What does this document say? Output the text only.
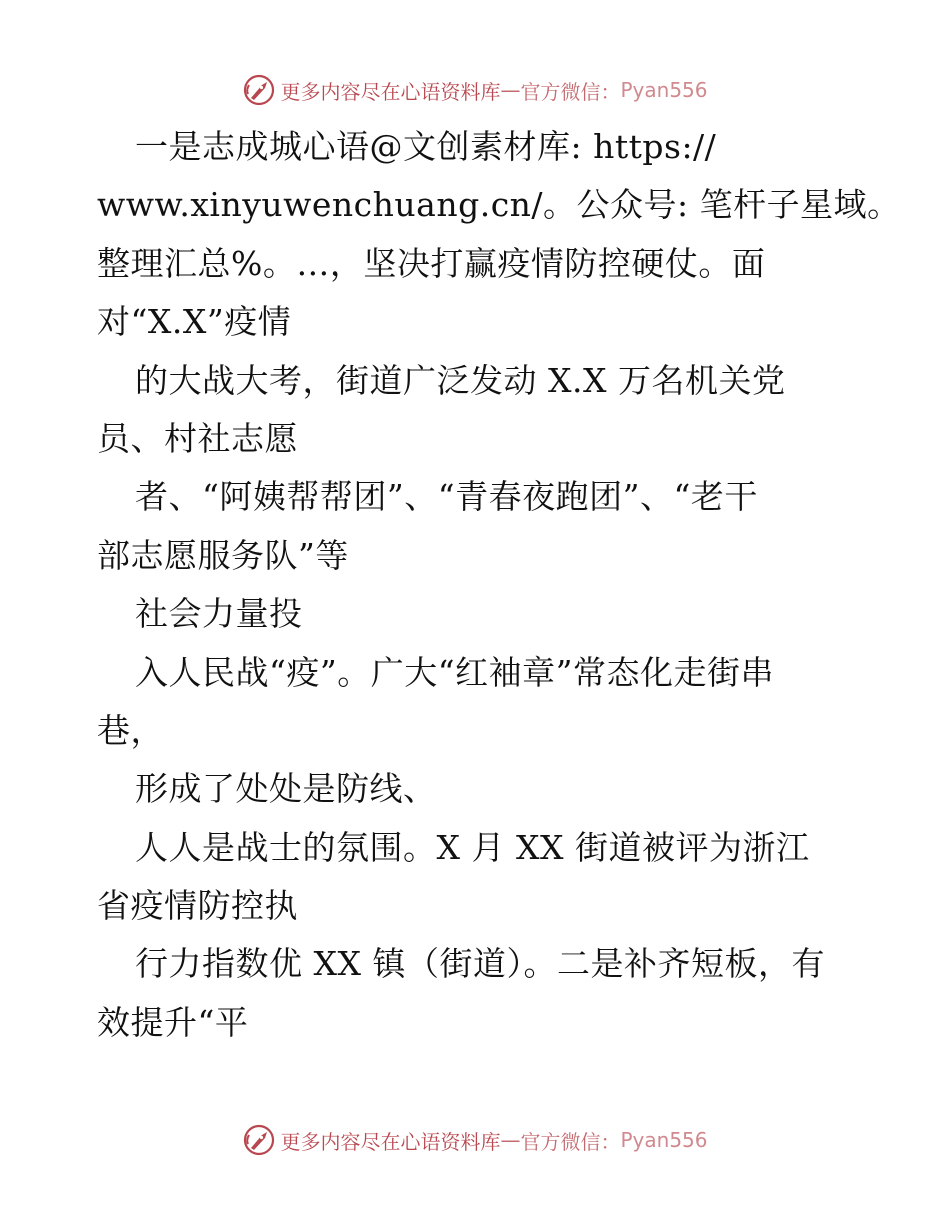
更多内容尽在心语资料库 — 官方微信： Pyan556
一是志成城心语@文创素材库: https://
www.xinyuwenchuang.cn/。公众号: 笔杆子星域。
整理汇总%。…，坚决打赢疫情防控硬仗。面
对“X.X”疫情
的大战大考，街道广泛发动 X.X 万名机关党
员、村社志愿
者、“阿姨帮帮团”、“青春夜跑团”、“老干
部志愿服务队”等
社会力量投
入人民战“疫”。广大“红袖章”常态化走街串
巷，
形成了处处是防线、
人人是战士的氛围。X 月 XX 街道被评为浙江
省疫情防控执
行力指数优 XX 镇（街道）。二是补齐短板，有
效提升“平
更多内容尽在心语资料库 — 官方微信： Pyan556
